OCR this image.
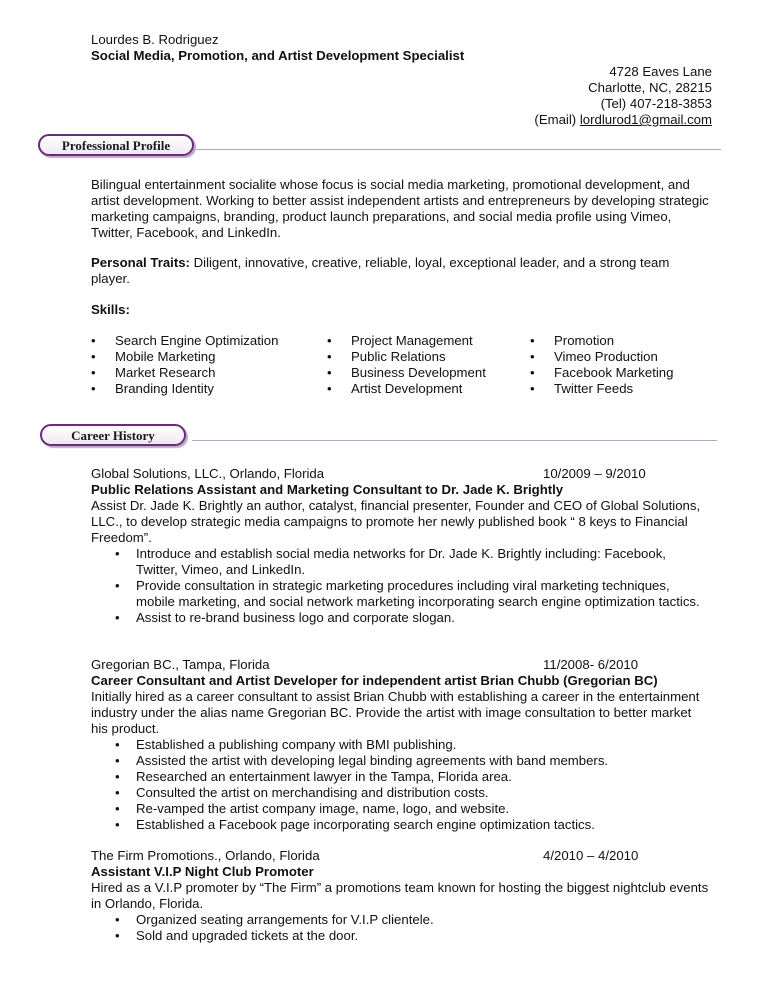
Lourdes B. Rodriguez
Social Media, Promotion, and Artist Development Specialist
4728 Eaves Lane
Charlotte, NC, 28215
(Tel) 407-218-3853
(Email) lordlurod1@gmail.com
Professional Profile
Bilingual entertainment socialite whose focus is social media marketing, promotional development, and artist development. Working to better assist independent artists and entrepreneurs by developing strategic marketing campaigns, branding, product launch preparations, and social media profile using Vimeo, Twitter, Facebook, and LinkedIn.
Personal Traits: Diligent, innovative, creative, reliable, loyal, exceptional leader, and a strong team player.
Skills:
• Search Engine Optimization
• Mobile Marketing
• Market Research
• Branding Identity
• Project Management
• Public Relations
• Business Development
• Artist Development
• Promotion
• Vimeo Production
• Facebook Marketing
• Twitter Feeds
Career History
Global Solutions, LLC., Orlando, Florida	10/2009 – 9/2010
Public Relations Assistant and Marketing Consultant to Dr. Jade K. Brightly
Assist Dr. Jade K. Brightly an author, catalyst, financial presenter, Founder and CEO of Global Solutions, LLC., to develop strategic media campaigns to promote her newly published book “ 8 keys to Financial Freedom”.
• Introduce and establish social media networks for Dr. Jade K. Brightly including: Facebook, Twitter, Vimeo, and LinkedIn.
• Provide consultation in strategic marketing procedures including viral marketing techniques, mobile marketing, and social network marketing incorporating search engine optimization tactics.
• Assist to re-brand business logo and corporate slogan.
Gregorian BC., Tampa, Florida	11/2008- 6/2010
Career Consultant and Artist Developer for independent artist Brian Chubb (Gregorian BC)
Initially hired as a career consultant to assist Brian Chubb with establishing a career in the entertainment industry under the alias name Gregorian BC. Provide the artist with image consultation to better market his product.
• Established a publishing company with BMI publishing.
• Assisted the artist with developing legal binding agreements with band members.
• Researched an entertainment lawyer in the Tampa, Florida area.
• Consulted the artist on merchandising and distribution costs.
• Re-vamped the artist company image, name, logo, and website.
• Established a Facebook page incorporating search engine optimization tactics.
The Firm Promotions., Orlando, Florida	4/2010 – 4/2010
Assistant V.I.P Night Club Promoter
Hired as a V.I.P promoter by “The Firm” a promotions team known for hosting the biggest nightclub events in Orlando, Florida.
• Organized seating arrangements for V.I.P clientele.
• Sold and upgraded tickets at the door.
